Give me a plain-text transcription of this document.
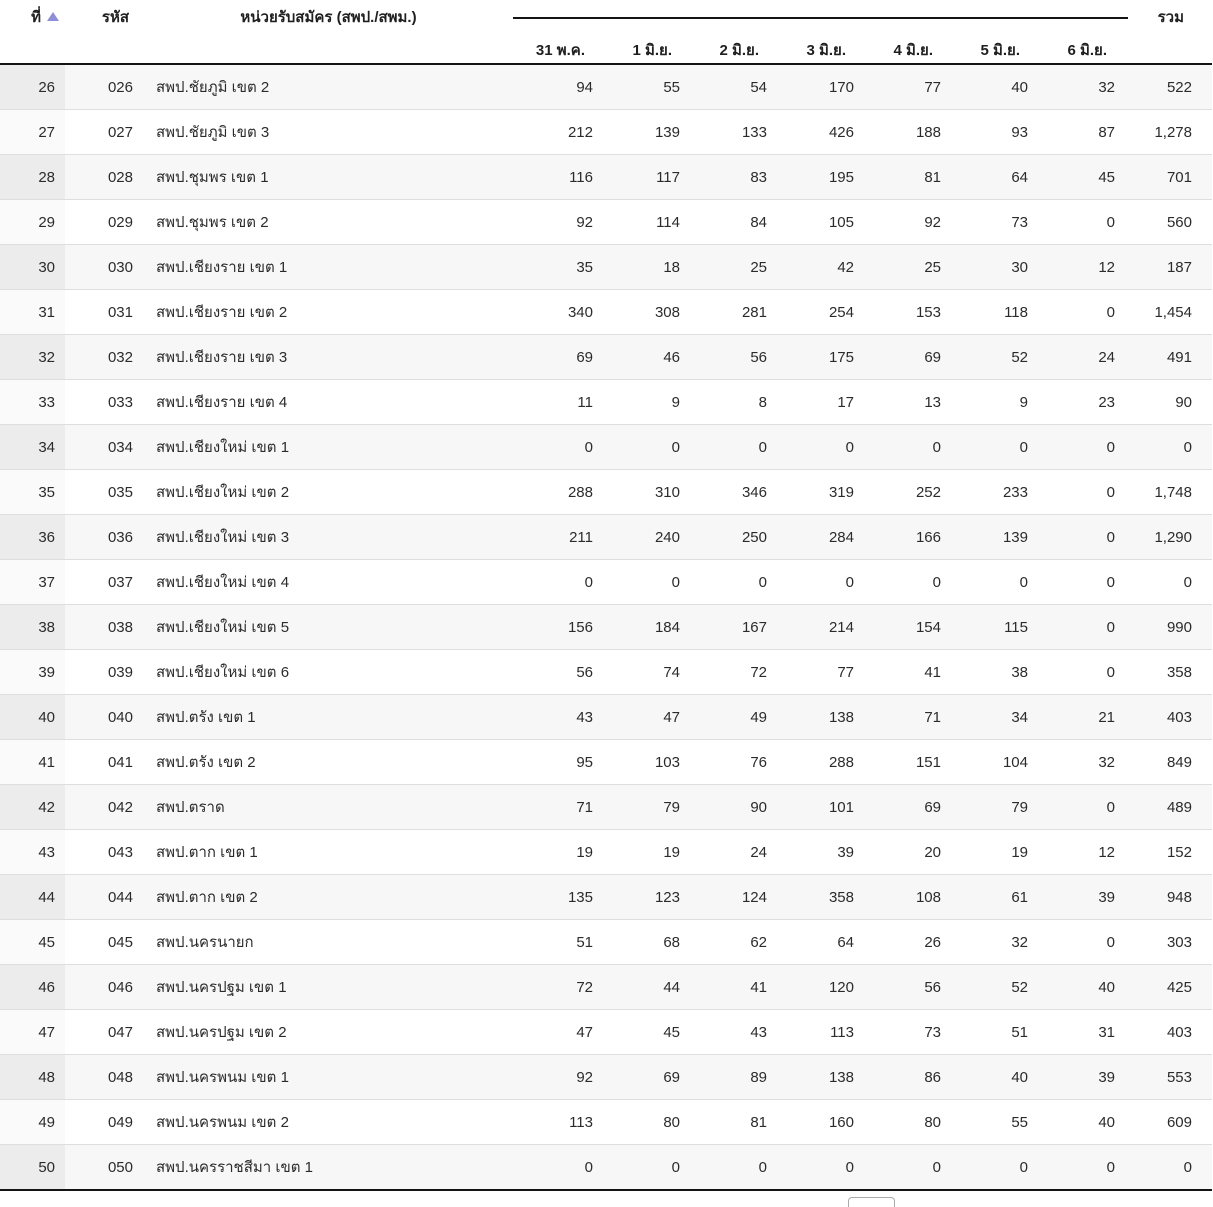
ที่	รหัส	หน่วยรับสมัคร (สพป./สพม.)								รวม
			31 พ.ค.	1 มิ.ย.	2 มิ.ย.	3 มิ.ย.	4 มิ.ย.	5 มิ.ย.	6 มิ.ย.	
26	026	สพป.ชัยภูมิ เขต 2	94	55	54	170	77	40	32	522
27	027	สพป.ชัยภูมิ เขต 3	212	139	133	426	188	93	87	1,278
28	028	สพป.ชุมพร เขต 1	116	117	83	195	81	64	45	701
29	029	สพป.ชุมพร เขต 2	92	114	84	105	92	73	0	560
30	030	สพป.เชียงราย เขต 1	35	18	25	42	25	30	12	187
31	031	สพป.เชียงราย เขต 2	340	308	281	254	153	118	0	1,454
32	032	สพป.เชียงราย เขต 3	69	46	56	175	69	52	24	491
33	033	สพป.เชียงราย เขต 4	11	9	8	17	13	9	23	90
34	034	สพป.เชียงใหม่ เขต 1	0	0	0	0	0	0	0	0
35	035	สพป.เชียงใหม่ เขต 2	288	310	346	319	252	233	0	1,748
36	036	สพป.เชียงใหม่ เขต 3	211	240	250	284	166	139	0	1,290
37	037	สพป.เชียงใหม่ เขต 4	0	0	0	0	0	0	0	0
38	038	สพป.เชียงใหม่ เขต 5	156	184	167	214	154	115	0	990
39	039	สพป.เชียงใหม่ เขต 6	56	74	72	77	41	38	0	358
40	040	สพป.ตรัง เขต 1	43	47	49	138	71	34	21	403
41	041	สพป.ตรัง เขต 2	95	103	76	288	151	104	32	849
42	042	สพป.ตราด	71	79	90	101	69	79	0	489
43	043	สพป.ตาก เขต 1	19	19	24	39	20	19	12	152
44	044	สพป.ตาก เขต 2	135	123	124	358	108	61	39	948
45	045	สพป.นครนายก	51	68	62	64	26	32	0	303
46	046	สพป.นครปฐม เขต 1	72	44	41	120	56	52	40	425
47	047	สพป.นครปฐม เขต 2	47	45	43	113	73	51	31	403
48	048	สพป.นครพนม เขต 1	92	69	89	138	86	40	39	553
49	049	สพป.นครพนม เขต 2	113	80	81	160	80	55	40	609
50	050	สพป.นครราชสีมา เขต 1	0	0	0	0	0	0	0	0
